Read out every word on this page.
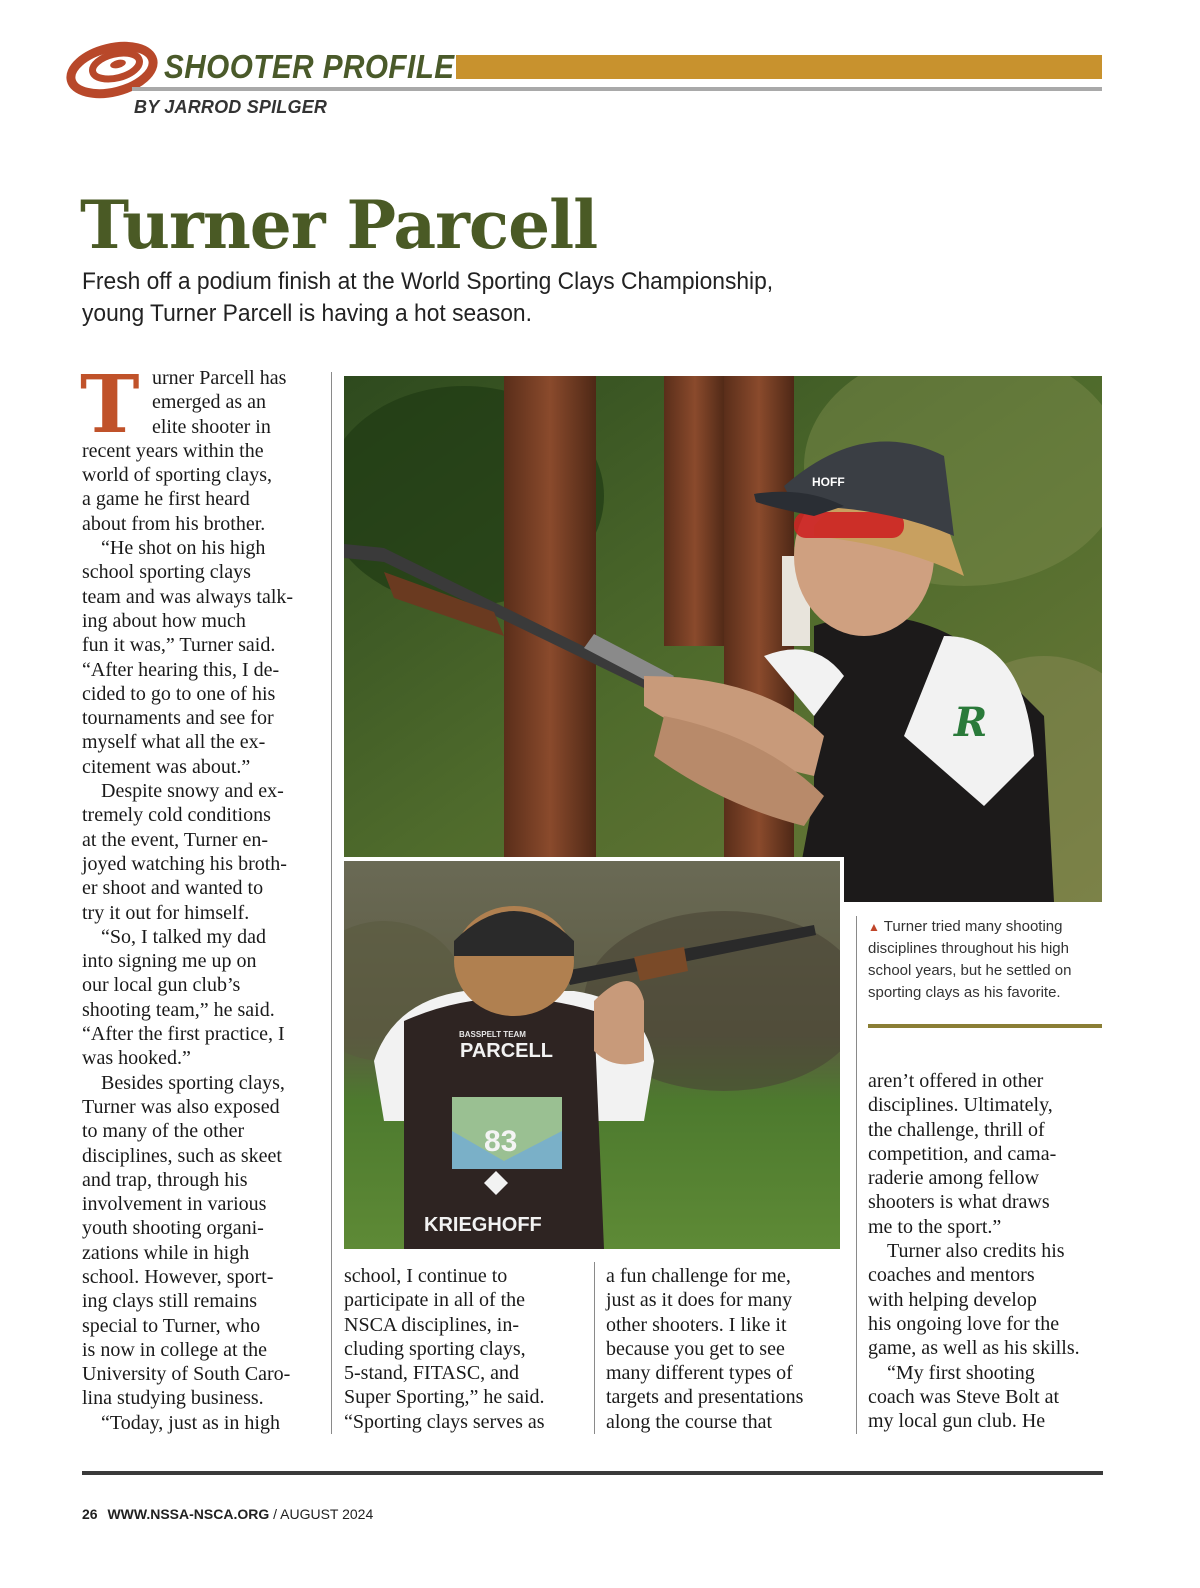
SHOOTER PROFILE
BY JARROD SPILGER
Turner Parcell

Fresh off a podium finish at the World Sporting Clays Championship, young Turner Parcell is having a hot season.

T urner Parcell has
emerged as an
elite shooter in
recent years within the
world of sporting clays,
a game he first heard
about from his brother.
“He shot on his high
school sporting clays
team and was always talk-
ing about how much
fun it was,” Turner said.
“After hearing this, I de-
cided to go to one of his
tournaments and see for
myself what all the ex-
citement was about.”
Despite snowy and ex-
tremely cold conditions
at the event, Turner en-
joyed watching his broth-
er shoot and wanted to
try it out for himself.
“So, I talked my dad
into signing me up on
our local gun club’s
shooting team,” he said.
“After the first practice, I
was hooked.”
Besides sporting clays,
Turner was also exposed
to many of the other
disciplines, such as skeet
and trap, through his
involvement in various
youth shooting organi-
zations while in high
school. However, sport-
ing clays still remains
special to Turner, who
is now in college at the
University of South Caro-
lina studying business.
“Today, just as in high
HOFF
R
BASSPELT TEAM
PARCELL
83
KRIEGHOFF

▲ Turner tried many shooting disciplines throughout his high school years, but he settled on sporting clays as his favorite.

school, I continue to
participate in all of the
NSCA disciplines, in-
cluding sporting clays,
5-stand, FITASC, and
Super Sporting,” he said.
“Sporting clays serves as
a fun challenge for me,
just as it does for many
other shooters. I like it
because you get to see
many different types of
targets and presentations
along the course that
aren’t offered in other
disciplines. Ultimately,
the challenge, thrill of
competition, and cama-
raderie among fellow
shooters is what draws
me to the sport.”
Turner also credits his
coaches and mentors
with helping develop
his ongoing love for the
game, as well as his skills.
“My first shooting
coach was Steve Bolt at
my local gun club. He
26 WWW.NSSA-NSCA.ORG / AUGUST 2024
